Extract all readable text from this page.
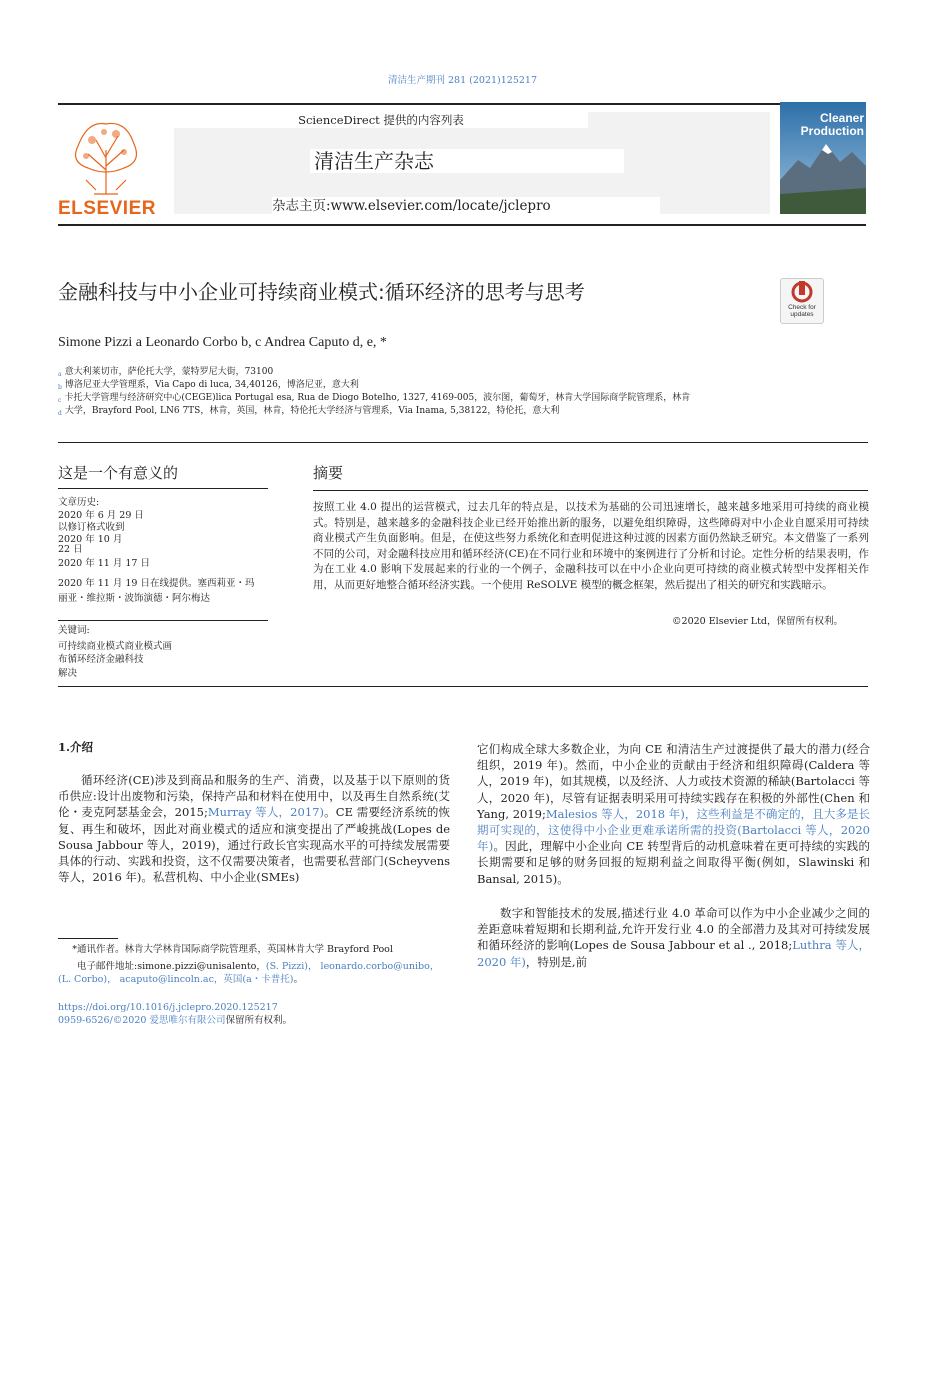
清洁生产期刊 281 (2021)125217
ELSEVIER
ScienceDirect 提供的内容列表
清洁生产杂志
杂志主页:www.elsevier.com/locate/jclepro
Cleaner
Production
金融科技与中小企业可持续商业模式:循环经济的思考与思考
Check for
updates
Simone Pizzi a Leonardo Corbo b, c Andrea Caputo d, e, *
$^a$ 意大利莱切市，萨伦托大学，蒙特罗尼大街，73100
$^b$ 博洛尼亚大学管理系，Via Capo di luca, 34,40126，博洛尼亚，意大利
$^c$ 卡托大学管理与经济研究中心(CEGE)lica Portugal esa, Rua de Diogo Botelho, 1327, 4169-005，波尔图，葡萄牙，林肯大学国际商学院管理系，林肯
$^d$ 大学，Brayford Pool, LN6 7TS，林肯，英国，林肯，特伦托大学经济与管理系，Via Inama, 5,38122，特伦托，意大利
这是一个有意义的
文章历史:
2020 年 6 月 29 日
以修订格式收到
2020 年 10 月
22 日
2020 年 11 月 17 日
2020 年 11 月 19 日在线提供。塞西莉亚・玛
丽亚・维拉斯・波饰演德・阿尔梅达
关键词:
可持续商业模式商业模式画
布循环经济金融科技
解决
摘要
按照工业 4.0 提出的运营模式，过去几年的特点是，以技术为基础的公司迅速增长，越来越多地采用可持续的商业模式。特别是，越来越多的金融科技企业已经开始推出新的服务，以避免组织障碍，这些障碍对中小企业自愿采用可持续商业模式产生负面影响。但是，在使这些努力系统化和查明促进这种过渡的因素方面仍然缺乏研究。本文借鉴了一系列不同的公司，对金融科技应用和循环经济(CE)在不同行业和环境中的案例进行了分析和讨论。定性分析的结果表明，作为在工业 4.0 影响下发展起来的行业的一个例子，金融科技可以在中小企业向更可持续的商业模式转型中发挥相关作用，从而更好地整合循环经济实践。一个使用 ReSOLVE 模型的概念框架，然后提出了相关的研究和实践暗示。
©2020 Elsevier Ltd，保留所有权利。
1.介绍
循环经济(CE)涉及到商品和服务的生产、消费，以及基于以下原则的货币供应:设计出废物和污染，保持产品和材料在使用中，以及再生自然系统(艾伦・麦克阿瑟基金会，2015;Murray 等人，2017)。CE 需要经济系统的恢复、再生和破坏，因此对商业模式的适应和演变提出了严峻挑战(Lopes de Sousa Jabbour 等人，2019)，通过行政长官实现高水平的可持续发展需要具体的行动、实践和投资，这不仅需要决策者，也需要私营部门(Scheyvens 等人，2016 年)。私营机构、中小企业(SMEs)
它们构成全球大多数企业，为向 CE 和清洁生产过渡提供了最大的潜力(经合组织，2019 年)。然而，中小企业的贡献由于经济和组织障碍(Caldera 等人，2019 年)，如其规模，以及经济、人力或技术资源的稀缺(Bartolacci 等人，2020 年)，尽管有证据表明采用可持续实践存在积极的外部性(Chen 和 Yang, 2019;Malesios 等人，2018 年)，这些利益是不确定的，且大多是长期可实现的，这使得中小企业更难承诺所需的投资(Bartolacci 等人，2020 年)。因此，理解中小企业向 CE 转型背后的动机意味着在更可持续的实践的长期需要和足够的财务回报的短期利益之间取得平衡(例如，Slawinski 和 Bansal, 2015)。
数字和智能技术的发展,描述行业 4.0 革命可以作为中小企业减少之间的差距意味着短期和长期利益,允许开发行业 4.0 的全部潜力及其对可持续发展和循环经济的影响(Lopes de Sousa Jabbour et al ., 2018;Luthra 等人，2020 年)，特别是,前
*通讯作者。林肯大学林肯国际商学院管理系，英国林肯大学 Brayford Pool
电子邮件地址:simone.pizzi@unisalento，(S. Pizzi)， leonardo.corbo@unibo，(L. Corbo)， acaputo@lincoln.ac，英国(a・卡普托)。
https://doi.org/10.1016/j.jclepro.2020.125217 0959-6526/©2020 爱思唯尔有限公司保留所有权利。
